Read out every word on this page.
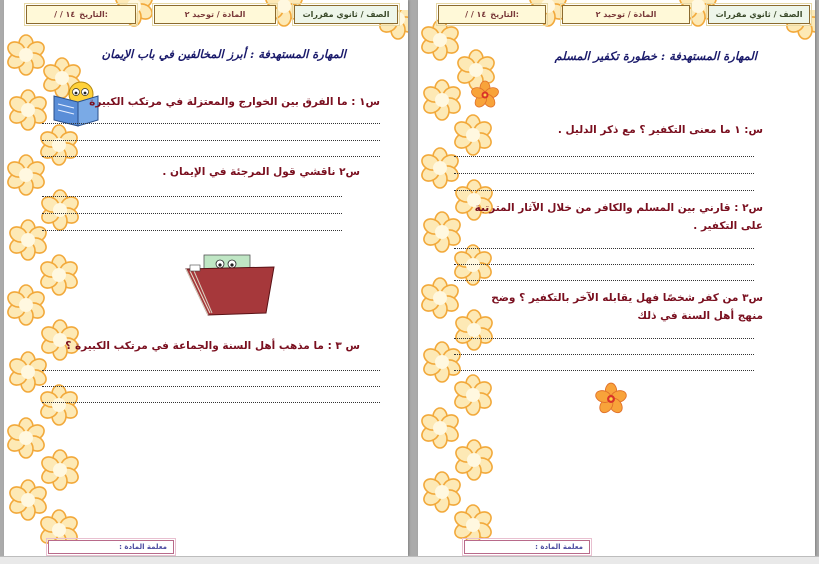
الصف / ثانوي مقررات
المادة / توحيد ٢
/ / ١٤ التاريخ:
المهارة المستهدفة : أبرز المخالفين في باب الإيمان
س١ : ما الفرق بين الخوارج والمعتزلة في مرتكب الكبيرة
س٢ ناقشي قول المرجئة في الإيمان .
س ٣ : ما مذهب أهل السنة والجماعة في مرتكب الكبيرة ؟
معلمة المادة :
الصف / ثانوي مقررات
المادة / توحيد ٢
/ / ١٤ التاريخ:
المهارة المستهدفة : خطورة تكفير المسلم
س: ١ ما معنى التكفير ؟ مع ذكر الدليل .
س٢ : قارني بين المسلم والكافر من خلال الآثار المترتبة على التكفير .
س٣ من كفر شخصًا فهل يقابله الآخر بالتكفير ؟ وضح منهج أهل السنة في ذلك
معلمة المادة :
